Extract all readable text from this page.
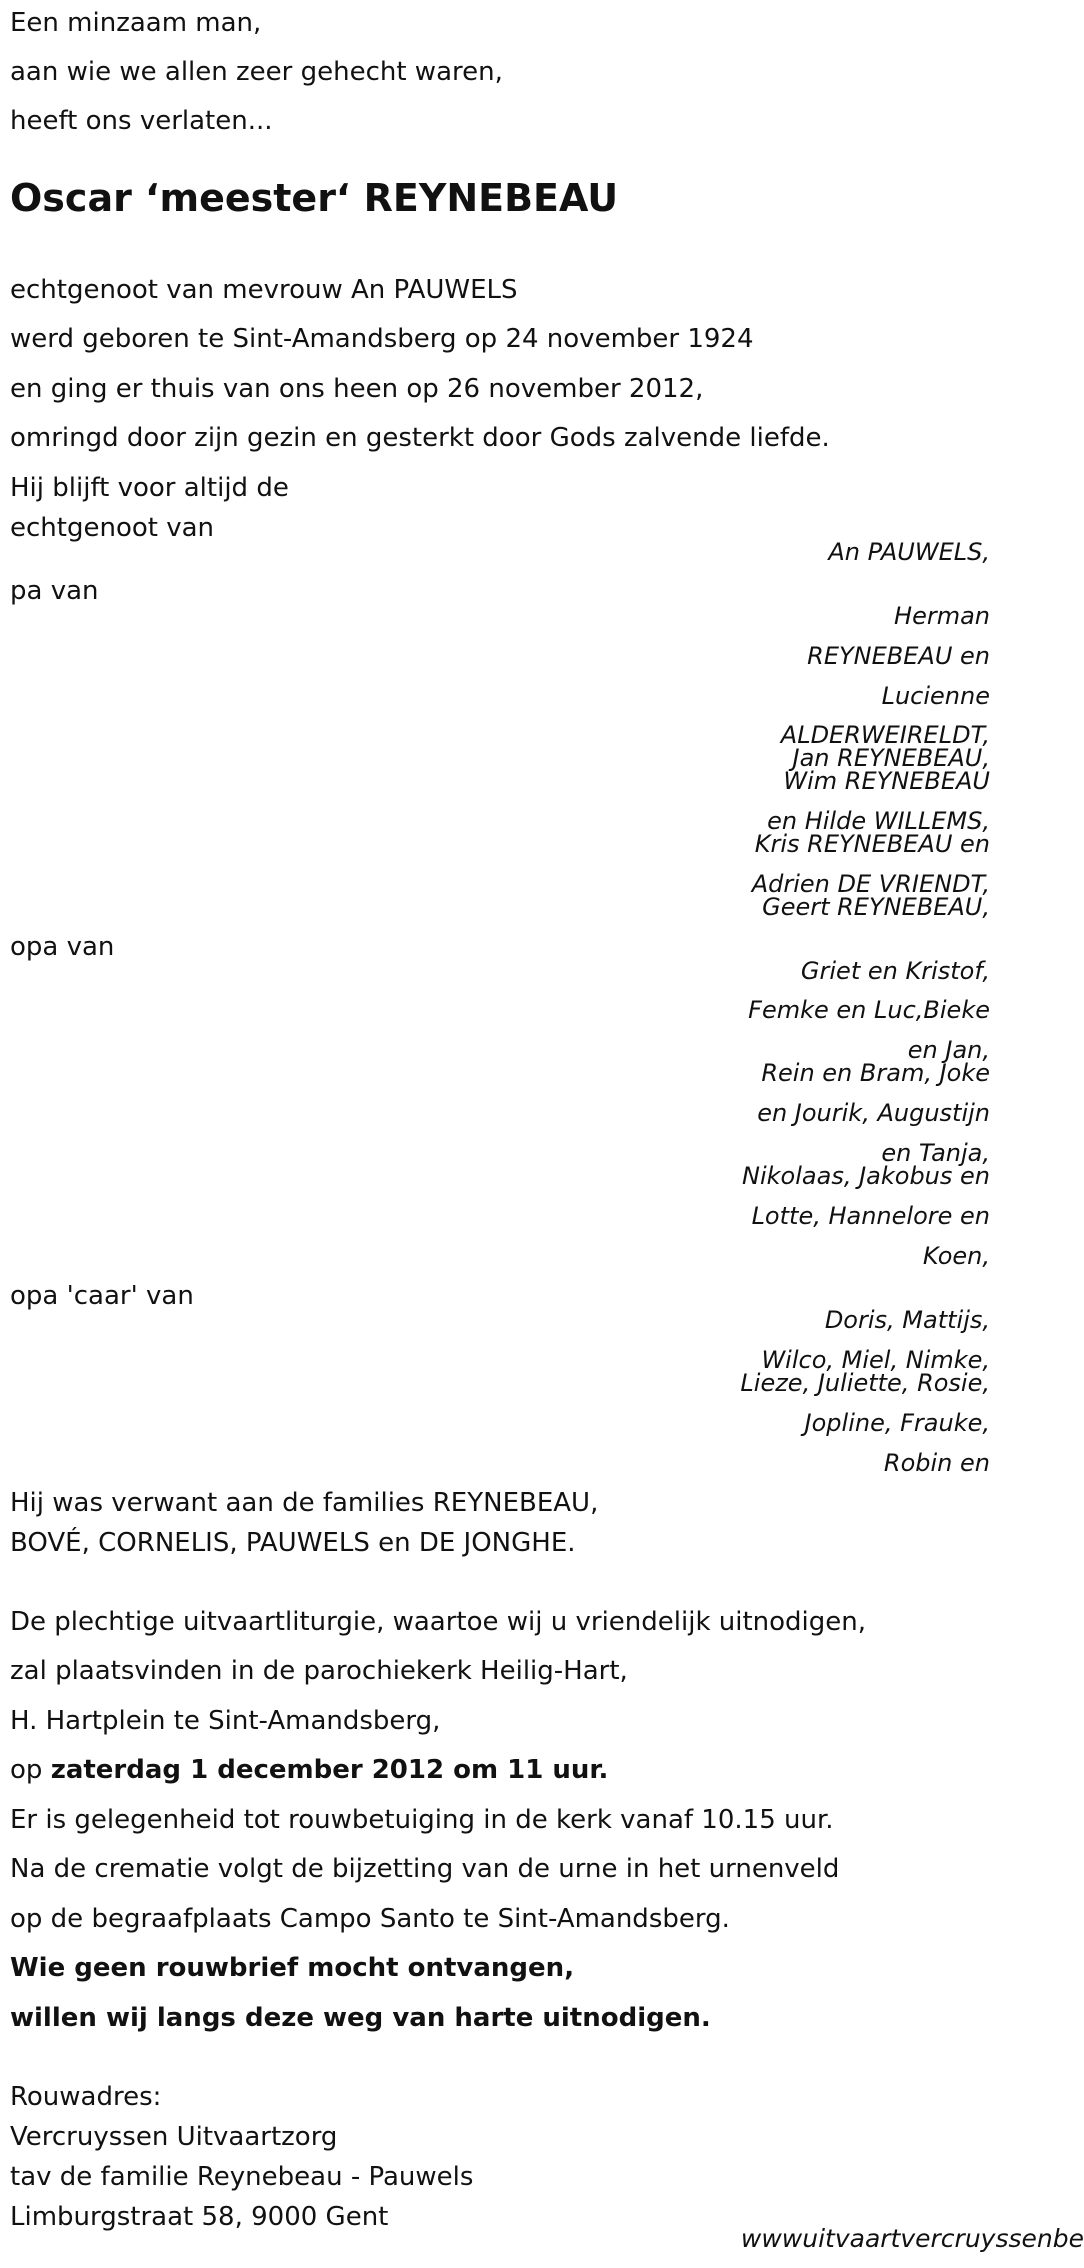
Een minzaam man,
aan wie we allen zeer gehecht waren,
heeft ons verlaten...
Oscar ‘meester‘ REYNEBEAU
echtgenoot van mevrouw An PAUWELS
werd geboren te Sint-Amandsberg op 24 november 1924
en ging er thuis van ons heen op 26 november 2012,
omringd door zijn gezin en gesterkt door Gods zalvende liefde.
Hij blijft voor altijd de
echtgenoot van
An PAUWELS,
pa van
Herman
REYNEBEAU en
Lucienne
ALDERWEIRELDT,
Jan REYNEBEAU,
Wim REYNEBEAU
en Hilde WILLEMS,
Kris REYNEBEAU en
Adrien DE VRIENDT,
Geert REYNEBEAU,
opa van
Griet en Kristof,
Femke en Luc,Bieke
en Jan,
Rein en Bram, Joke
en Jourik, Augustijn
en Tanja,
Nikolaas, Jakobus en
Lotte, Hannelore en
Koen,
opa 'caar' van
Doris, Mattijs,
Wilco, Miel, Nimke,
Lieze, Juliette, Rosie,
Jopline, Frauke,
Robin en
Hij was verwant aan de families REYNEBEAU,
BOVÉ, CORNELIS, PAUWELS en DE JONGHE.
De plechtige uitvaartliturgie, waartoe wij u vriendelijk uitnodigen,
zal plaatsvinden in de parochiekerk Heilig-Hart,
H. Hartplein te Sint-Amandsberg,
op zaterdag 1 december 2012 om 11 uur.
Er is gelegenheid tot rouwbetuiging in de kerk vanaf 10.15 uur.
Na de crematie volgt de bijzetting van de urne in het urnenveld
op de begraafplaats Campo Santo te Sint-Amandsberg.
Wie geen rouwbrief mocht ontvangen,
willen wij langs deze weg van harte uitnodigen.
Rouwadres:
Vercruyssen Uitvaartzorg
tav de familie Reynebeau - Pauwels
Limburgstraat 58, 9000 Gent
wwwuitvaartvercruyssenbe
